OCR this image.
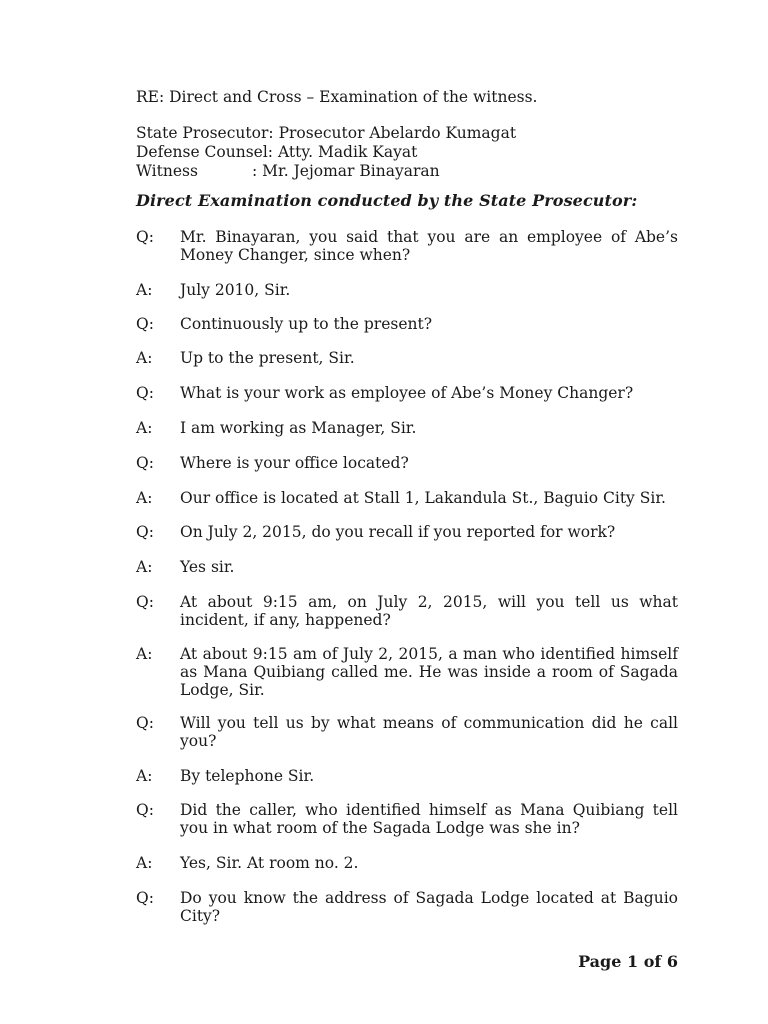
RE: Direct and Cross – Examination of the witness.
State Prosecutor: Prosecutor Abelardo Kumagat
Defense Counsel: Atty. Madik Kayat
Witness	: Mr. Jejomar Binayaran
Direct Examination conducted by the State Prosecutor:
Q:	Mr. Binayaran, you said that you are an employee of Abe’s Money Changer, since when?
A:	July 2010, Sir.
Q:	Continuously up to the present?
A:	Up to the present, Sir.
Q:	What is your work as employee of Abe’s Money Changer?
A:	I am working as Manager, Sir.
Q:	Where is your office located?
A:	Our office is located at Stall 1, Lakandula St., Baguio City Sir.
Q:	On July 2, 2015, do you recall if you reported for work?
A:	Yes sir.
Q:	At about 9:15 am, on July 2, 2015, will you tell us what incident, if any, happened?
A:	At about 9:15 am of July 2, 2015, a man who identified himself as Mana Quibiang called me. He was inside a room of Sagada Lodge, Sir.
Q:	Will you tell us by what means of communication did he call you?
A:	By telephone Sir.
Q:	Did the caller, who identified himself as Mana Quibiang tell you in what room of the Sagada Lodge was she in?
A:	Yes, Sir. At room no. 2.
Q:	Do you know the address of Sagada Lodge located at Baguio City?
Page 1 of 6
